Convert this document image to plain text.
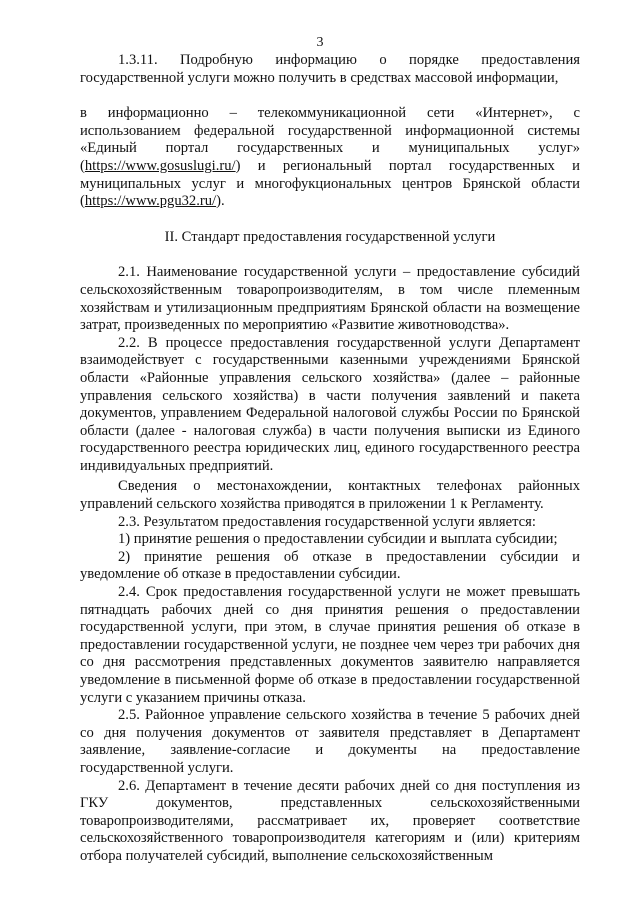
3

1.3.11. Подробную информацию о порядке предоставления государственной услуги можно получить в средствах массовой информации,

в информационно – телекоммуникационной сети «Интернет», с использованием федеральной государственной информационной системы «Единый портал государственных и муниципальных услуг» (https://www.gosuslugi.ru/) и региональный портал государственных и муниципальных услуг и многофукциональных центров Брянской области (https://www.pgu32.ru/).

II. Стандарт предоставления государственной услуги

2.1. Наименование государственной услуги – предоставление субсидий сельскохозяйственным товаропроизводителям, в том числе племенным хозяйствам и утилизационным предприятиям Брянской области на возмещение затрат, произведенных по мероприятию «Развитие животноводства».

2.2. В процессе предоставления государственной услуги Департамент взаимодействует с государственными казенными учреждениями Брянской области «Районные управления сельского хозяйства» (далее – районные управления сельского хозяйства) в части получения заявлений и пакета документов, управлением Федеральной налоговой службы России по Брянской области (далее - налоговая служба) в части получения выписки из Единого государственного реестра юридических лиц, единого государственного реестра индивидуальных предприятий.

Сведения о местонахождении, контактных телефонах районных управлений сельского хозяйства приводятся в приложении 1 к Регламенту.

2.3. Результатом предоставления государственной услуги является:

1) принятие решения о предоставлении субсидии и выплата субсидии;

2) принятие решения об отказе в предоставлении субсидии и уведомление об отказе в предоставлении субсидии.

2.4. Срок предоставления государственной услуги не может превышать пятнадцать рабочих дней со дня принятия решения о предоставлении государственной услуги, при этом, в случае принятия решения об отказе в предоставлении государственной услуги, не позднее чем через три рабочих дня со дня рассмотрения представленных документов заявителю направляется уведомление в письменной форме об отказе в предоставлении государственной услуги с указанием причины отказа.

2.5. Районное управление сельского хозяйства в течение 5 рабочих дней со дня получения документов от заявителя представляет в Департамент заявление, заявление-согласие и документы на предоставление государственной услуги.

2.6. Департамент в течение десяти рабочих дней со дня поступления из ГКУ документов, представленных сельскохозяйственными товаропроизводителями, рассматривает их, проверяет соответствие сельскохозяйственного товаропроизводителя категориям и (или) критериям отбора получателей субсидий, выполнение сельскохозяйственным
